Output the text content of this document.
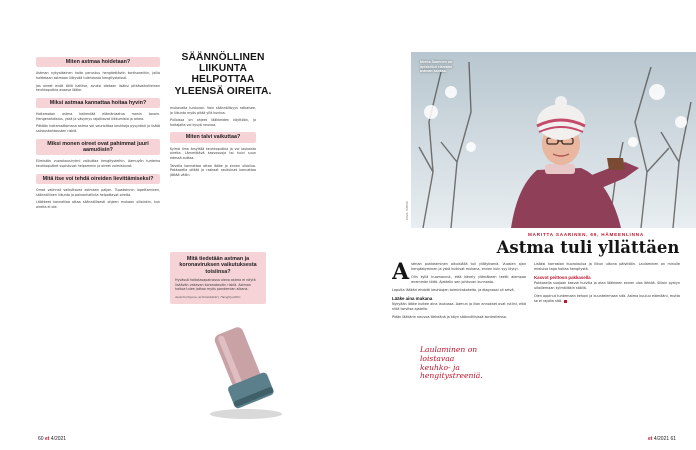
Miten astmaa hoidetaan?

Astman nykyaikainen hoito perustuu hengitettäviin kortisoneihin, joilla hoidetaan astmaan liittyvää tulehdusta hengitysteissä.

Jos oireet eivät tällä hallitse, avuksi otetaan lisäksi pitkävaikutteinen keuhkoputkia avaava lääke.

Miksi astmaa kannattaa hoitaa hyvin?

Hoitamaton astma heikentää elämänlaatua monin tavoin. Hengenahdistus, yskä ja väsymys rajoittavat liikkumista ja arkea.

Pitkään hoitamattomana astma voi vaurioittaa keuhkoja pysyvästi ja lisätä sairauskohtausten riskiä.

Miksi monen oireet ovat pahimmat juuri aamuöisin?

Elimistön vuorokausirytmi vaikuttaa hengitysteihin. Aamuyön tunteina keuhkoputket supistuvat helpommin ja oireet voimistuvat.

Mitä itse voi tehdä oireiden lievittämiseksi?

Omat valinnat vaikuttavat astmaan paljon. Tupakoinnin lopettaminen, säännöllinen liikunta ja painonhallinta helpottavat oireita.

Lääkkeet kannattaa ottaa säännöllisesti ohjeen mukaan silloinkin, kun oireita ei ole.

SÄÄNNÖLLINEN LIIKUNTA HELPOTTAA YLEENSÄ OIREITA.

mukavalta tuntuvan. Vain säännöllisyys ratkaisee, ja liikunta myös pitää yllä kuntoa.

Pulloissa on ohjeet lääkkeiden käyttöön, ja hoitajalta voi kysyä neuvoa.

Miten talvi vaikuttaa?

Kylmä ilma ärsyttää keuhkoputkia ja voi laukaista oireita. Lämmittävä kasvosuoja tai huivi suun edessä auttaa.

Talvella kannattaa ottaa lääke jo ennen ulkoilua. Pakkasella pitkät ja raskaat rasitukset kannattaa jättää väliin.

Mitä tiedetään astman ja koronaviruksen vaikutuksesta toisiinsa?
Hyvässä hoitotasapainossa oleva astma ei näytä lisäävän vakavan koronataudin riskiä. Astman hoitoa tulee jatkaa myös pandemian aikana.
Asiantuntijana: erikoislääkäri, Hengitysliitto
60 et 4/2021
Merita Saarinen on opiskellut elämään astman kanssa.
KUVA: KIMMO
MARITTA SAARINEN, 69, HÄMEENLINNA
Astma tuli yllättäen

Astman puhkeaminen aikuisiällä tuli yllätyksenä. Vuosien ajan hengästyminen ja yskä kulkivat mukana, ennen kuin syy löytyi.

Olin kyllä huomannut, että kävely ylämäkeen teetti aiempaa enemmän töitä. Ajattelin sen johtuvan kunnosta.

Lopulta lääkäri ehdotti keuhkojen toimintakokeita, ja diagnoosi oli selvä.

Lääke aina mukana

Nykyään lääke kulkee aina laukussa. Aamun ja illan annokset ovat rutiini, eikä niitä tarvitse ajatella.

Pidän lääkärin neuvoa tärkeänä ja käyn säännöllisissä kontrolleissa.

Laulaminen on loistavaa keuhko- ja hengitystreeniä.

Lisäksi harrastan kuorolaulua ja liikun ulkona päivittäin. Laulaminen on minulle mieluisa tapa hoitaa hengitystä.

Kasvot peittoon pakkasella

Pakkasella suojaan kasvot huivilla ja otan lääkkeen ennen ulos lähtöä. Silloin pystyn ulkoilemaan kylmälläkin säällä.

Olen oppinut tuntemaan kehoni ja kuuntelemaan sitä. Astma kuuluu elämääni, mutta se ei rajoita sitä.

et 4/2021 61
